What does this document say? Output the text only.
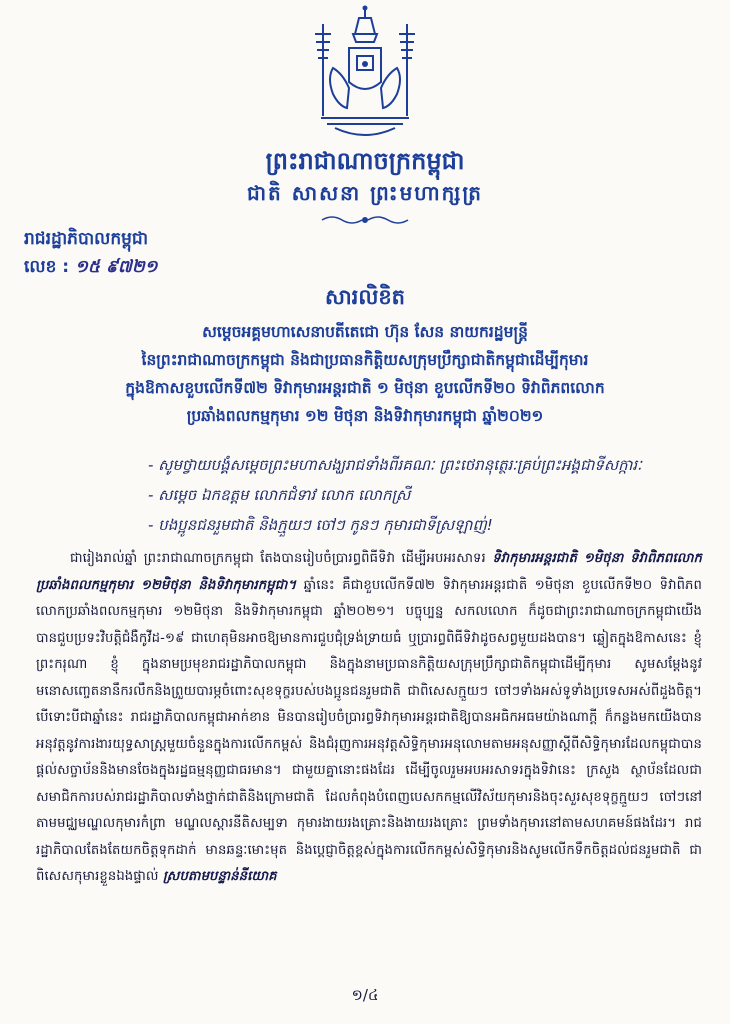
ព្រះរាជាណាចក្រកម្ពុជា
ជាតិ សាសនា ព្រះមហាក្សត្រ
រាជរដ្ឋាភិបាលកម្ពុជា
លេខ : ១៥ ៩៧២១
សារលិខិត
សម្តេចអគ្គមហាសេនាបតីតេជោ ហ៊ុន សែន នាយករដ្ឋមន្ត្រី
នៃព្រះរាជាណាចក្រកម្ពុជា និងជាប្រធានកិត្តិយសក្រុមប្រឹក្សាជាតិកម្ពុជាដើម្បីកុមារ
ក្នុងឱកាសខួបលើកទី៧២ ទិវាកុមារអន្តរជាតិ ១ មិថុនា ខួបលើកទី២០ ទិវាពិភពលោក
ប្រឆាំងពលកម្មកុមារ ១២ មិថុនា និងទិវាកុមារកម្ពុជា ឆ្នាំ២០២១
- សូមថ្វាយបង្គំសម្តេចព្រះមហាសង្ឃរាជទាំងពីរគណៈ ព្រះថេរានុត្ថេរៈគ្រប់ព្រះអង្គជាទីសក្ការៈ
- សម្តេច ឯកឧត្តម លោកជំទាវ លោក លោកស្រី
- បងប្អូនជនរួមជាតិ និងក្មួយៗ ចៅៗ កូនៗ កុមារជាទីស្រឡាញ់!

ជារៀងរាល់ឆ្នាំ ព្រះរាជាណាចក្រកម្ពុជា តែងបានរៀបចំប្រារព្ធពិធីទិវា ដើម្បីអបអរសាទរ ទិវាកុមារអន្តរជាតិ ១មិថុនា ទិវាពិភពលោកប្រឆាំងពលកម្មកុមារ ១២មិថុនា និងទិវាកុមារកម្ពុជា។ ឆ្នាំនេះ គឺជាខួបលើកទី៧២ ទិវាកុមារអន្តរជាតិ ១មិថុនា ខួបលើកទី២០ ទិវាពិភពលោកប្រឆាំងពលកម្មកុមារ ១២មិថុនា និងទិវាកុមារកម្ពុជា ឆ្នាំ២០២១។ បច្ចុប្បន្ន សកលលោក ក៏ដូចជាព្រះរាជាណាចក្រកម្ពុជាយើង បានជួបប្រទះវិបត្តិជំងឺកូវីដ-១៩ ជាហេតុមិនអាចឱ្យមានការជួបជុំទ្រង់ទ្រាយធំ ឬប្រារព្ធពិធីទិវាដូចសព្វមួយដងបាន។ ឆ្លៀតក្នុងឱកាសនេះ ខ្ញុំព្រះករុណា ខ្ញុំ ក្នុងនាមប្រមុខរាជរដ្ឋាភិបាលកម្ពុជា និងក្នុងនាមប្រធានកិត្តិយសក្រុមប្រឹក្សាជាតិកម្ពុជាដើម្បីកុមារ សូមសម្តែងនូវមនោសញ្ចេតនានឹករលឹកនិងព្រួយបារម្ភចំពោះសុខទុក្ខរបស់បងប្អូនជនរួមជាតិ ជាពិសេសក្មួយៗ ចៅៗទាំងអស់ទូទាំងប្រទេសអស់ពីដួងចិត្ត។ បើទោះបីជាឆ្នាំនេះ រាជរដ្ឋាភិបាលកម្ពុជាអាក់ខាន មិនបានរៀបចំប្រារព្ធទិវាកុមារអន្តរជាតិឱ្យបានអធិកអធមយ៉ាងណាក្តី ក៏កន្លងមកយើងបានអនុវត្តនូវការងារយុទ្ធសាស្ត្រមួយចំនួនក្នុងការលើកកម្ពស់ និងជំរុញការអនុវត្តសិទ្ធិកុមារអនុលោមតាមអនុសញ្ញាស្តីពីសិទ្ធិកុមារដែលកម្ពុជាបានផ្តល់សច្ចាប័ននិងមានចែងក្នុងរដ្ឋធម្មនុញ្ញជាធរមាន។ ជាមួយគ្នានោះផងដែរ ដើម្បីចូលរួមអបអរសាទរក្នុងទិវានេះ ក្រសួង ស្ថាប័នដែលជាសមាជិកការបស់រាជរដ្ឋាភិបាលទាំងថ្នាក់ជាតិនិងក្រោមជាតិ ដែលកំពុងបំពេញបេសកកម្មលើវិស័យកុមារនិងចុះសួរសុខទុក្ខក្មួយៗ ចៅៗនៅតាមមជ្ឈមណ្ឌលកុមារកំព្រា មណ្ឌលស្តារនីតិសម្បទា កុមារងាយរងគ្រោះនិងងាយរងគ្រោះ ព្រមទាំងកុមារនៅតាមសហគមន៍ផងដែរ។ រាជរដ្ឋាភិបាលតែងតែយកចិត្តទុកដាក់ មានឆន្ទៈមោះមុត និងប្តេជ្ញាចិត្តខ្ពស់ក្នុងការលើកកម្ពស់សិទ្ធិកុមារនិងសូមលើកទឹកចិត្តដល់ជនរួមជាតិ ជាពិសេសកុមារខ្លួនឯងផ្ទាល់ ស្របតាមបន្ទាន់នីយោគ

១/៤
